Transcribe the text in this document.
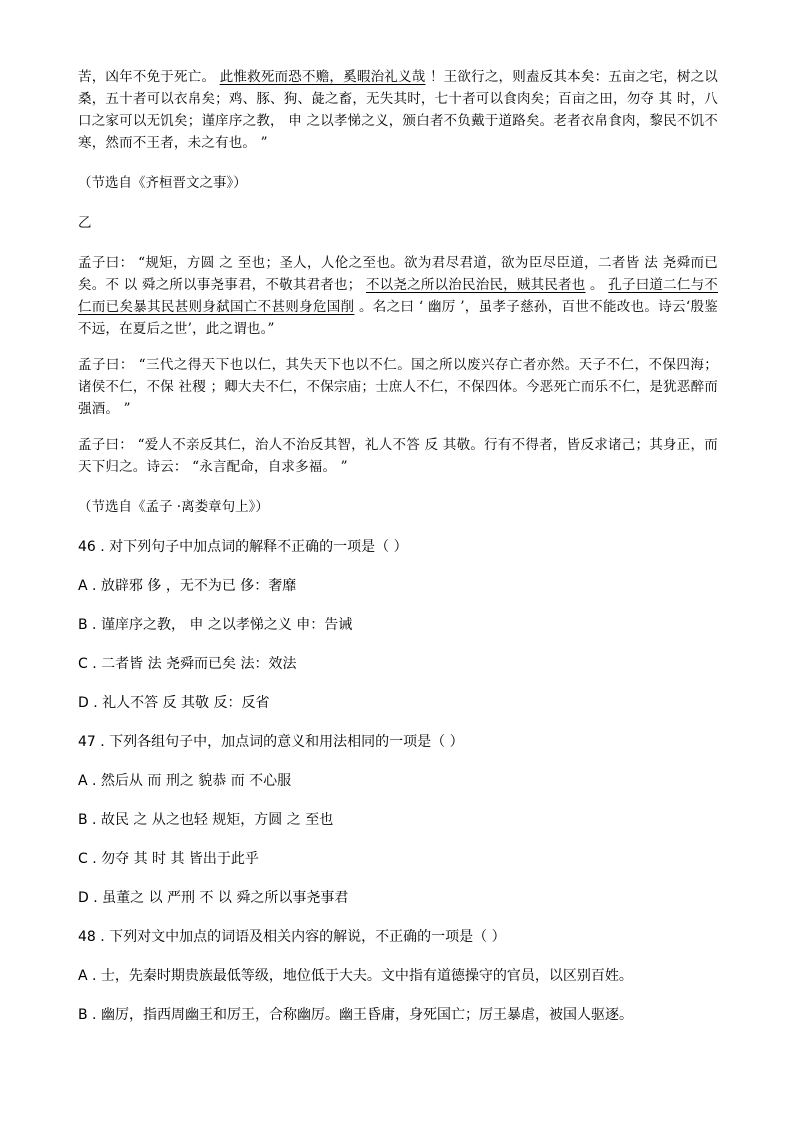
苦，凶年不免于死亡。 此惟救死而恐不赡，奚暇治礼义哉 ！王欲行之，则盍反其本矣：五亩之宅，树之以桑，五十者可以衣帛矣；鸡、豚、狗、彘之畜，无失其时，七十者可以食肉矣；百亩之田，勿夺 其 时，八口之家可以无饥矣；谨庠序之教， 申 之以孝悌之义，颁白者不负戴于道路矣。老者衣帛食肉，黎民不饥不寒，然而不王者，未之有也。 ”

（节选自《齐桓晋文之事》）

乙

孟子曰： “规矩，方圆 之 至也；圣人，人伦之至也。欲为君尽君道，欲为臣尽臣道，二者皆 法 尧舜而已矣。不 以 舜之所以事尧事君，不敬其君者也； 不以尧之所以治民治民，贼其民者也 。 孔子曰道二仁与不仁而已矣暴其民甚则身弑国亡不甚则身危国削 。名之曰 ‘ 幽厉 ’，虽孝子慈孙，百世不能改也。诗云‘殷鉴不远，在夏后之世’，此之谓也。”

孟子曰： “三代之得天下也以仁，其失天下也以不仁。国之所以废兴存亡者亦然。天子不仁，不保四海；诸侯不仁，不保 社稷 ；卿大夫不仁，不保宗庙；士庶人不仁，不保四体。今恶死亡而乐不仁，是犹恶醉而强酒。 ”

孟子曰： “爱人不亲反其仁，治人不治反其智，礼人不答 反 其敬。行有不得者，皆反求诸己；其身正，而天下归之。诗云： “永言配命，自求多福。 ”

（节选自《孟子 ·离娄章句上》）

46 . 对下列句子中加点词的解释不正确的一项是（ ）

A . 放辟邪 侈 ，无不为已 侈：奢靡

B . 谨庠序之教， 申 之以孝悌之义 申：告诫

C . 二者皆 法 尧舜而已矣 法：效法

D . 礼人不答 反 其敬 反：反省

47 . 下列各组句子中，加点词的意义和用法相同的一项是（ ）

A . 然后从 而 刑之 貌恭 而 不心服

B . 故民 之 从之也轻 规矩，方圆 之 至也

C . 勿夺 其 时 其 皆出于此乎

D . 虽董之 以 严刑 不 以 舜之所以事尧事君

48 . 下列对文中加点的词语及相关内容的解说，不正确的一项是（ ）

A . 士，先秦时期贵族最低等级，地位低于大夫。文中指有道德操守的官员，以区别百姓。

B . 幽厉，指西周幽王和厉王，合称幽厉。幽王昏庸，身死国亡；厉王暴虐，被国人驱逐。
